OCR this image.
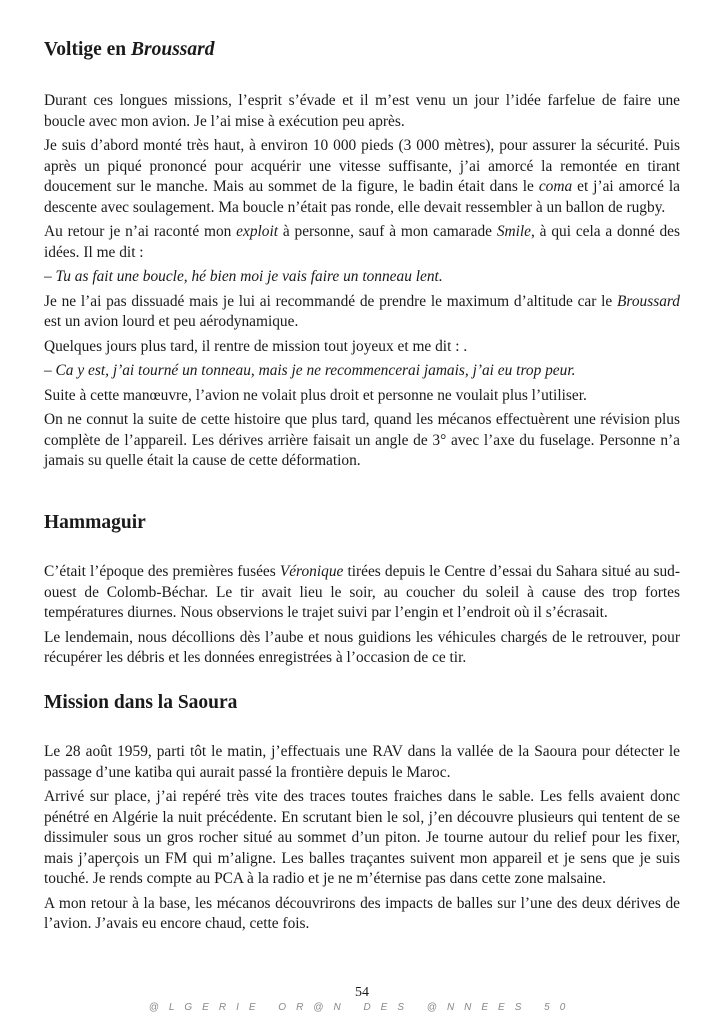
Voltige en Broussard

Durant ces longues missions, l’esprit s’évade et il m’est venu un jour l’idée farfelue de faire une boucle avec mon avion. Je l’ai mise à exécution peu après.

Je suis d’abord monté très haut, à environ 10 000 pieds (3 000 mètres), pour assurer la sécurité. Puis après un piqué prononcé pour acquérir une vitesse suffisante, j’ai amorcé la remontée en tirant doucement sur le manche. Mais au sommet de la figure, le badin était dans le coma et j’ai amorcé la descente avec soulagement. Ma boucle n’était pas ronde, elle devait ressembler à un ballon de rugby.

Au retour je n’ai raconté mon exploit à personne, sauf à mon camarade Smile, à qui cela a donné des idées. Il me dit :

– Tu as fait une boucle, hé bien moi je vais faire un tonneau lent.

Je ne l’ai pas dissuadé mais je lui ai recommandé de prendre le maximum d’altitude car le Broussard est un avion lourd et peu aérodynamique.

Quelques jours plus tard, il rentre de mission tout joyeux et me dit : .

– Ca y est, j’ai tourné un tonneau, mais je ne recommencerai jamais, j’ai eu trop peur.

Suite à cette manœuvre, l’avion ne volait plus droit et personne ne voulait plus l’utiliser.

On ne connut la suite de cette histoire que plus tard, quand les mécanos effectuèrent une révision plus complète de l’appareil. Les dérives arrière faisait un angle de 3° avec l’axe du fuselage. Personne n’a jamais su quelle était la cause de cette déformation.

Hammaguir

C’était l’époque des premières fusées Véronique tirées depuis le Centre d’essai du Sahara situé au sud-ouest de Colomb-Béchar. Le tir avait lieu le soir, au coucher du soleil à cause des trop fortes températures diurnes. Nous observions le trajet suivi par l’engin et l’endroit où il s’écrasait.

Le lendemain, nous décollions dès l’aube et nous guidions les véhicules chargés de le retrouver, pour récupérer les débris et les données enregistrées à l’occasion de ce tir.

Mission dans la Saoura

Le 28 août 1959, parti tôt le matin, j’effectuais une RAV dans la vallée de la Saoura pour détecter le passage d’une katiba qui aurait passé la frontière depuis le Maroc.

Arrivé sur place, j’ai repéré très vite des traces toutes fraiches dans le sable. Les fells avaient donc pénétré en Algérie la nuit précédente. En scrutant bien le sol, j’en découvre plusieurs qui tentent de se dissimuler sous un gros rocher situé au sommet d’un piton. Je tourne autour du relief pour les fixer, mais j’aperçois un FM qui m’aligne. Les balles traçantes suivent mon appareil et je sens que je suis touché. Je rends compte au PCA à la radio et je ne m’éternise pas dans cette zone malsaine.

A mon retour à la base, les mécanos découvrirons des impacts de balles sur l’une des deux dérives de l’avion. J’avais eu encore chaud, cette fois.

54
@LGERIE OR@N DES @NNEES 50
